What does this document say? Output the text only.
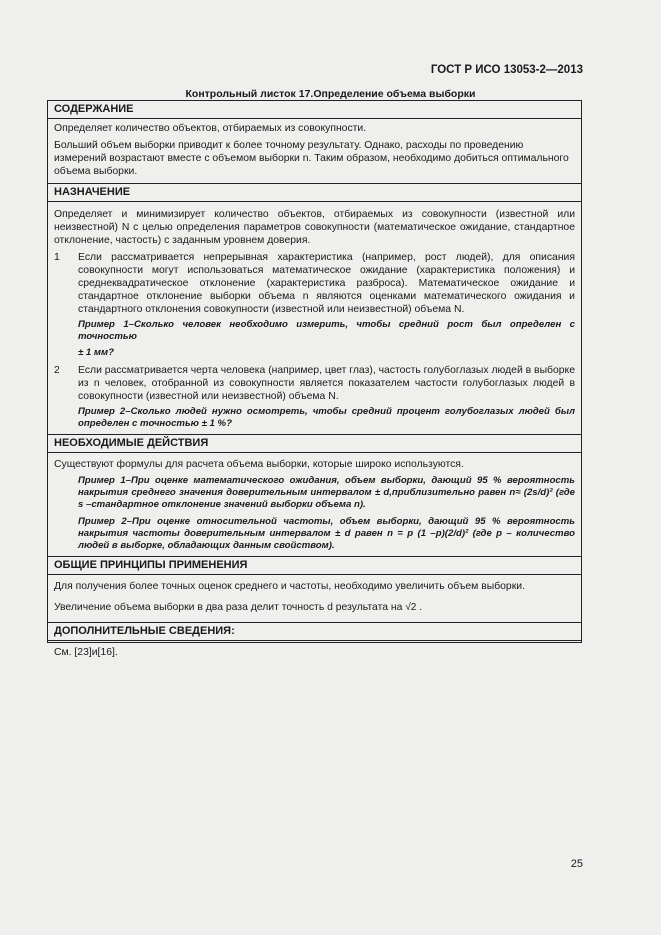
ГОСТ Р ИСО 13053-2—2013
Контрольный листок 17.Определение объема выборки
СОДЕРЖАНИЕ

Определяет количество объектов, отбираемых из совокупности.

Больший объем выборки приводит к более точному результату. Однако, расходы по проведению измерений возрастают вместе с объемом выборки n. Таким образом, необходимо добиться оптимального объема выборки.

НАЗНАЧЕНИЕ

Определяет и минимизирует количество объектов, отбираемых из совокупности (известной или неизвестной) N с целью определения параметров совокупности (математическое ожидание, стандартное отклонение, частость) с заданным уровнем доверия.

1	Если рассматривается непрерывная характеристика (например, рост людей), для описания совокупности могут использоваться математическое ожидание (характеристика положения) и среднеквадратическое отклонение (характеристика разброса). Математическое ожидание и стандартное отклонение выборки объема n являются оценками математического ожидания и стандартного отклонения совокупности (известной или неизвестной) объема N.
Пример 1–Сколько человек необходимо измерить, чтобы средний рост был определен с точностью
± 1 мм?
2	Если рассматривается черта человека (например, цвет глаз), частость голубоглазых людей в выборке из n человек, отобранной из совокупности является показателем частости голубоглазых людей в совокупности (известной или неизвестной) объема N.
Пример 2–Сколько людей нужно осмотреть, чтобы средний процент голубоглазых людей был определен с точностью ± 1 %?
НЕОБХОДИМЫЕ ДЕЙСТВИЯ

Существуют формулы для расчета объема выборки, которые широко используются.

Пример 1–При оценке математического ожидания, объем выборки, дающий 95 % вероятность накрытия среднего значения доверительным интервалом ± d,приблизительно равен n≈ (2s/d)² (где s –стандартное отклонение значений выборки объема n).
Пример 2–При оценке относительной частоты, объем выборки, дающий 95 % вероятность накрытия частоты доверительным интервалом ± d равен n = p (1 –p)(2/d)² (где p – количество людей в выборке, обладающих данным свойством).
ОБЩИЕ ПРИНЦИПЫ ПРИМЕНЕНИЯ

Для получения более точных оценок среднего и частоты, необходимо увеличить объем выборки.

Увеличение объема выборки в два раза делит точность d результата на √2 .

ДОПОЛНИТЕЛЬНЫЕ СВЕДЕНИЯ:

См. [23]и[16].

25
